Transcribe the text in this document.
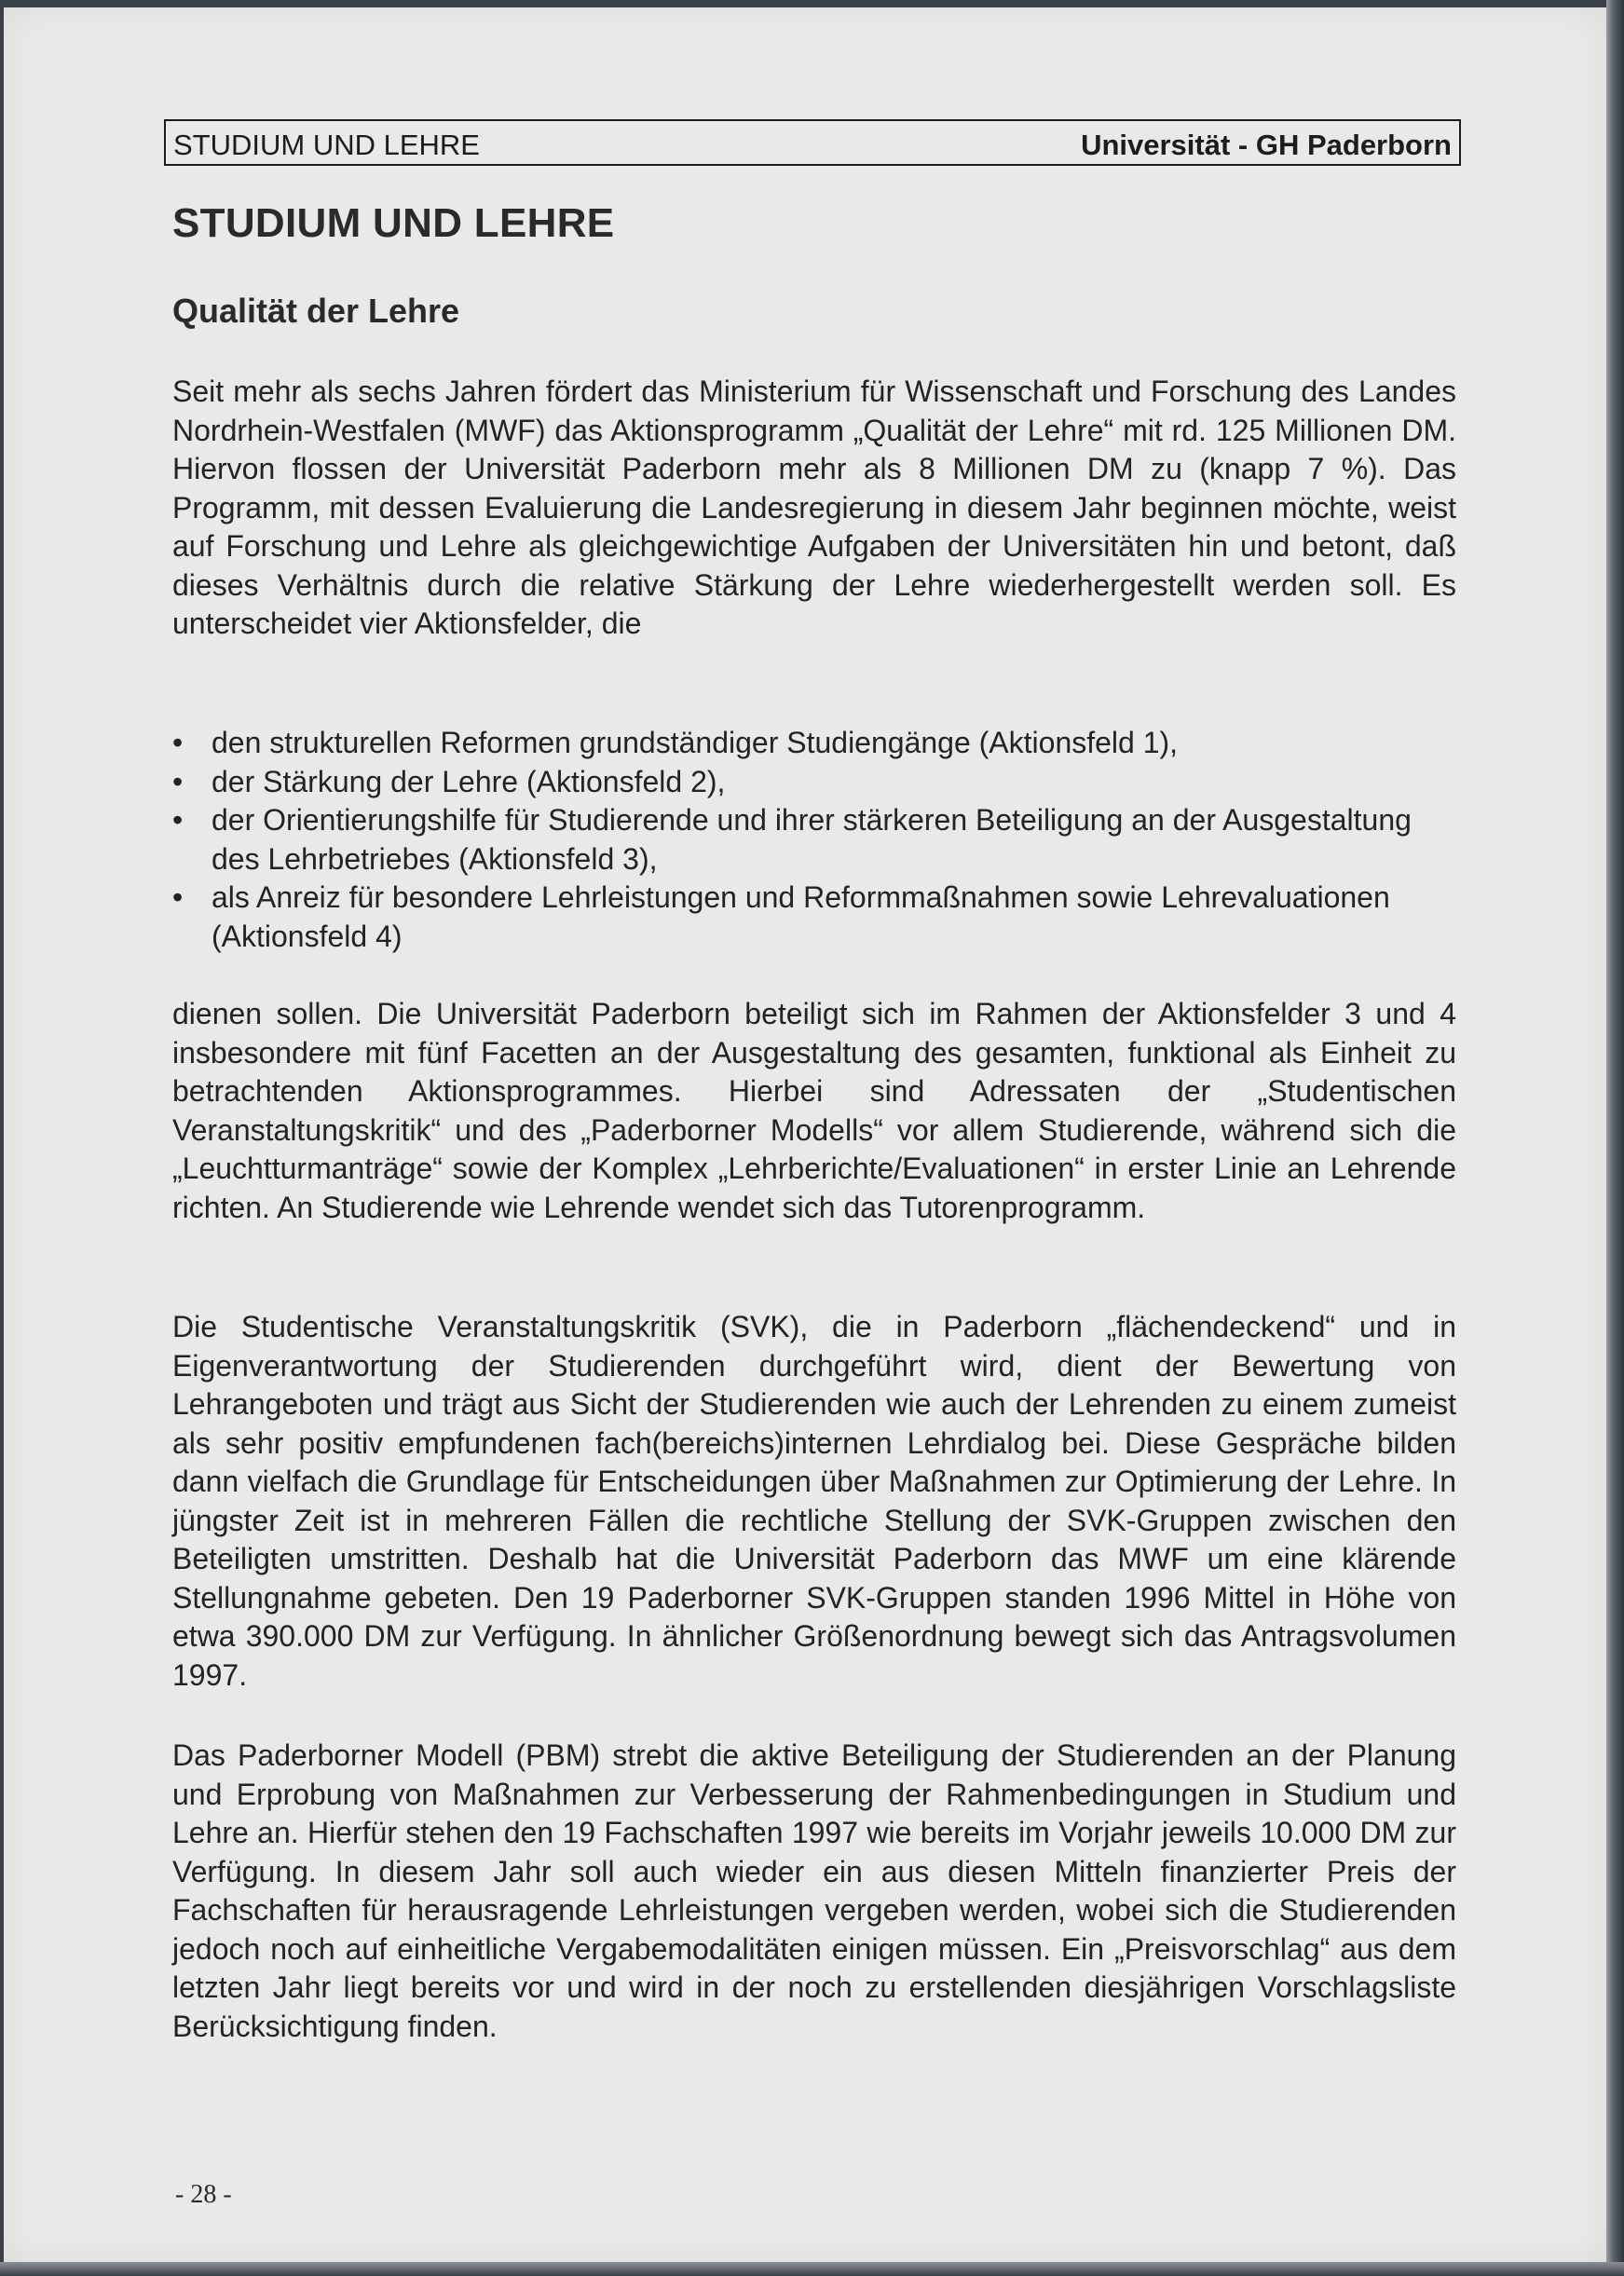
STUDIUM UND LEHRE	Universität - GH Paderborn
STUDIUM UND LEHRE
Qualität der Lehre

Seit mehr als sechs Jahren fördert das Ministerium für Wissenschaft und Forschung des Landes Nordrhein-Westfalen (MWF) das Aktionsprogramm „Qualität der Lehre“ mit rd. 125 Millionen DM. Hiervon flossen der Universität Paderborn mehr als 8 Millionen DM zu (knapp 7 %). Das Programm, mit dessen Evaluierung die Landesregierung in diesem Jahr beginnen möchte, weist auf Forschung und Lehre als gleichgewichtige Aufgaben der Universitäten hin und betont, daß dieses Verhältnis durch die relative Stärkung der Lehre wiederhergestellt werden soll. Es unterscheidet vier Aktionsfelder, die

• den strukturellen Reformen grundständiger Studiengänge (Aktionsfeld 1),
• der Stärkung der Lehre (Aktionsfeld 2),
• der Orientierungshilfe für Studierende und ihrer stärkeren Beteiligung an der Ausgestaltung des Lehrbetriebes (Aktionsfeld 3),
• als Anreiz für besondere Lehrleistungen und Reformmaßnahmen sowie Lehrevaluationen (Aktionsfeld 4)

dienen sollen. Die Universität Paderborn beteiligt sich im Rahmen der Aktionsfelder 3 und 4 insbesondere mit fünf Facetten an der Ausgestaltung des gesamten, funktional als Einheit zu betrachtenden Aktionsprogrammes. Hierbei sind Adressaten der „Studentischen Veranstaltungskritik“ und des „Paderborner Modells“ vor allem Studierende, während sich die „Leuchtturmanträge“ sowie der Komplex „Lehrberichte/Evaluationen“ in erster Linie an Lehrende richten. An Studierende wie Lehrende wendet sich das Tutorenprogramm.

Die Studentische Veranstaltungskritik (SVK), die in Paderborn „flächendeckend“ und in Eigenverantwortung der Studierenden durchgeführt wird, dient der Bewertung von Lehrangeboten und trägt aus Sicht der Studierenden wie auch der Lehrenden zu einem zumeist als sehr positiv empfundenen fach(bereichs)internen Lehrdialog bei. Diese Gespräche bilden dann vielfach die Grundlage für Entscheidungen über Maßnahmen zur Optimierung der Lehre. In jüngster Zeit ist in mehreren Fällen die rechtliche Stellung der SVK-Gruppen zwischen den Beteiligten umstritten. Deshalb hat die Universität Paderborn das MWF um eine klärende Stellungnahme gebeten. Den 19 Paderborner SVK-Gruppen standen 1996 Mittel in Höhe von etwa 390.000 DM zur Verfügung. In ähnlicher Größenordnung bewegt sich das Antragsvolumen 1997.

Das Paderborner Modell (PBM) strebt die aktive Beteiligung der Studierenden an der Planung und Erprobung von Maßnahmen zur Verbesserung der Rahmenbedingungen in Studium und Lehre an. Hierfür stehen den 19 Fachschaften 1997 wie bereits im Vorjahr jeweils 10.000 DM zur Verfügung. In diesem Jahr soll auch wieder ein aus diesen Mitteln finanzierter Preis der Fachschaften für herausragende Lehrleistungen vergeben werden, wobei sich die Studierenden jedoch noch auf einheitliche Vergabemodalitäten einigen müssen. Ein „Preisvorschlag“ aus dem letzten Jahr liegt bereits vor und wird in der noch zu erstellenden diesjährigen Vorschlagsliste Berücksichtigung finden.

- 28 -
